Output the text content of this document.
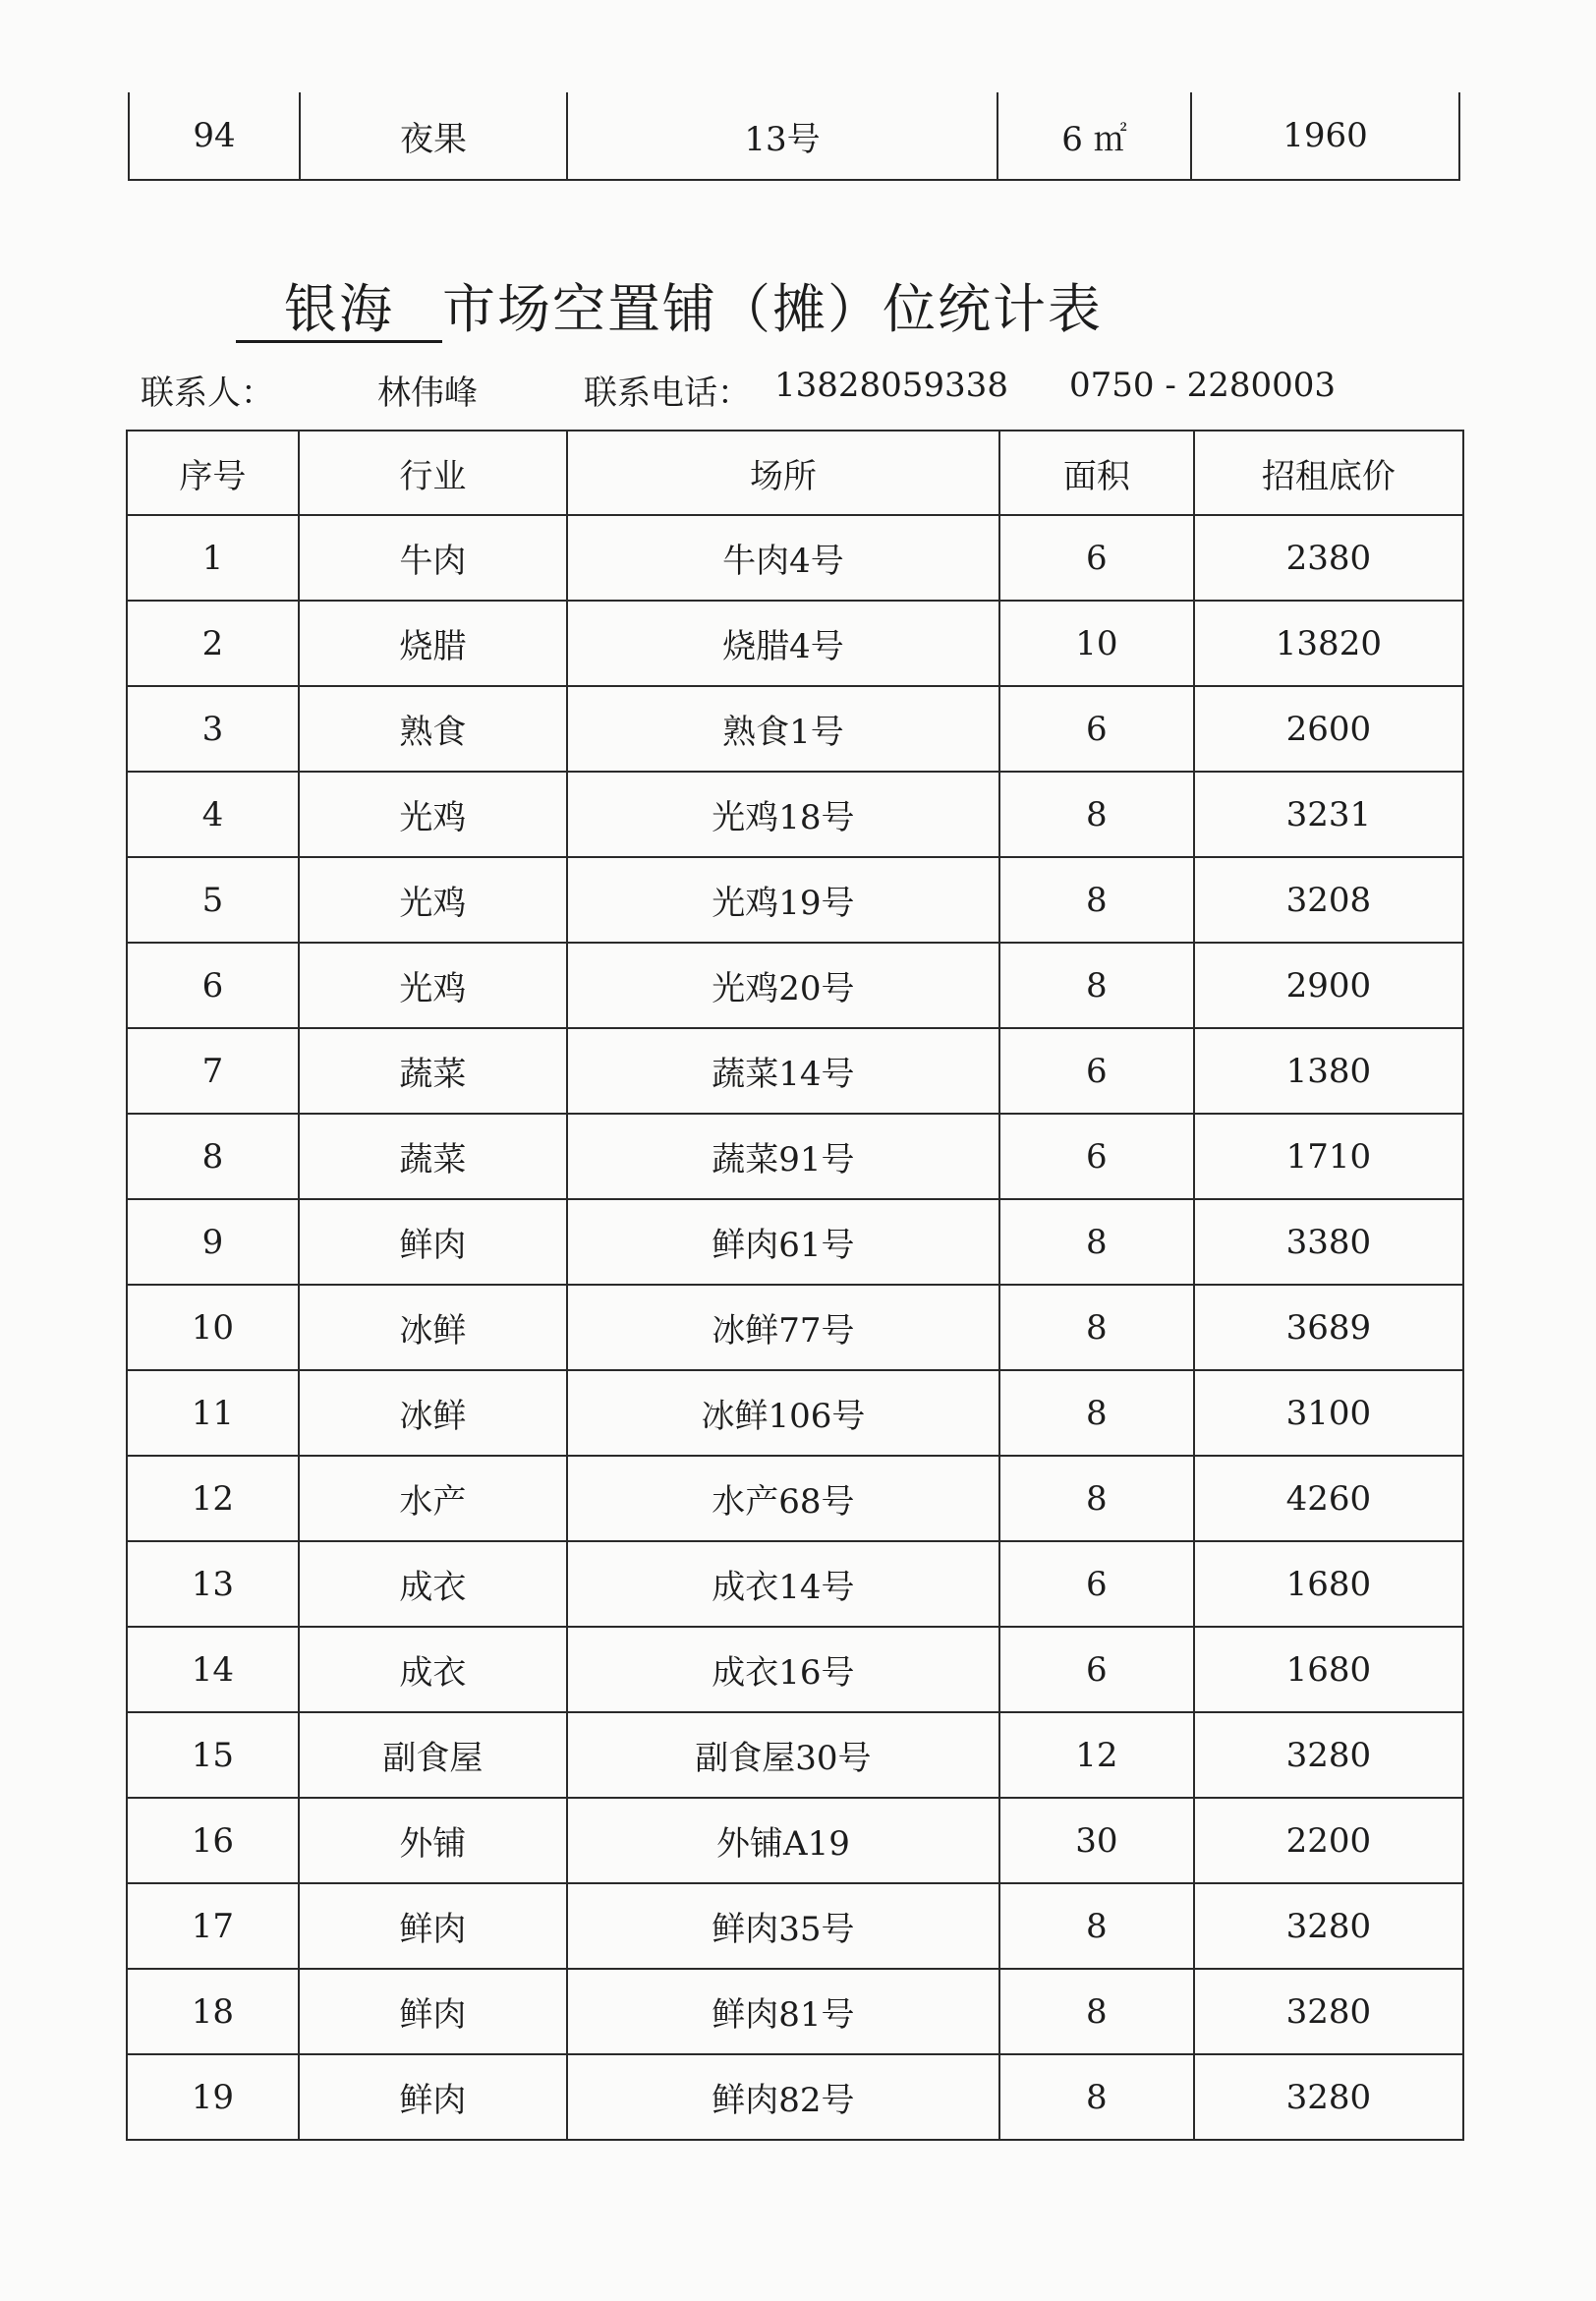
94	夜果	13号	6 ㎡	1960
银海 市场空置铺（摊）位统计表
联系人：	林伟峰	联系电话： 13828059338 0750 - 2280003
序号	行业	场所	面积	招租底价
1	牛肉	牛肉4号	6	2380
2	烧腊	烧腊4号	10	13820
3	熟食	熟食1号	6	2600
4	光鸡	光鸡18号	8	3231
5	光鸡	光鸡19号	8	3208
6	光鸡	光鸡20号	8	2900
7	蔬菜	蔬菜14号	6	1380
8	蔬菜	蔬菜91号	6	1710
9	鲜肉	鲜肉61号	8	3380
10	冰鲜	冰鲜77号	8	3689
11	冰鲜	冰鲜106号	8	3100
12	水产	水产68号	8	4260
13	成衣	成衣14号	6	1680
14	成衣	成衣16号	6	1680
15	副食屋	副食屋30号	12	3280
16	外铺	外铺A19	30	2200
17	鲜肉	鲜肉35号	8	3280
18	鲜肉	鲜肉81号	8	3280
19	鲜肉	鲜肉82号	8	3280
